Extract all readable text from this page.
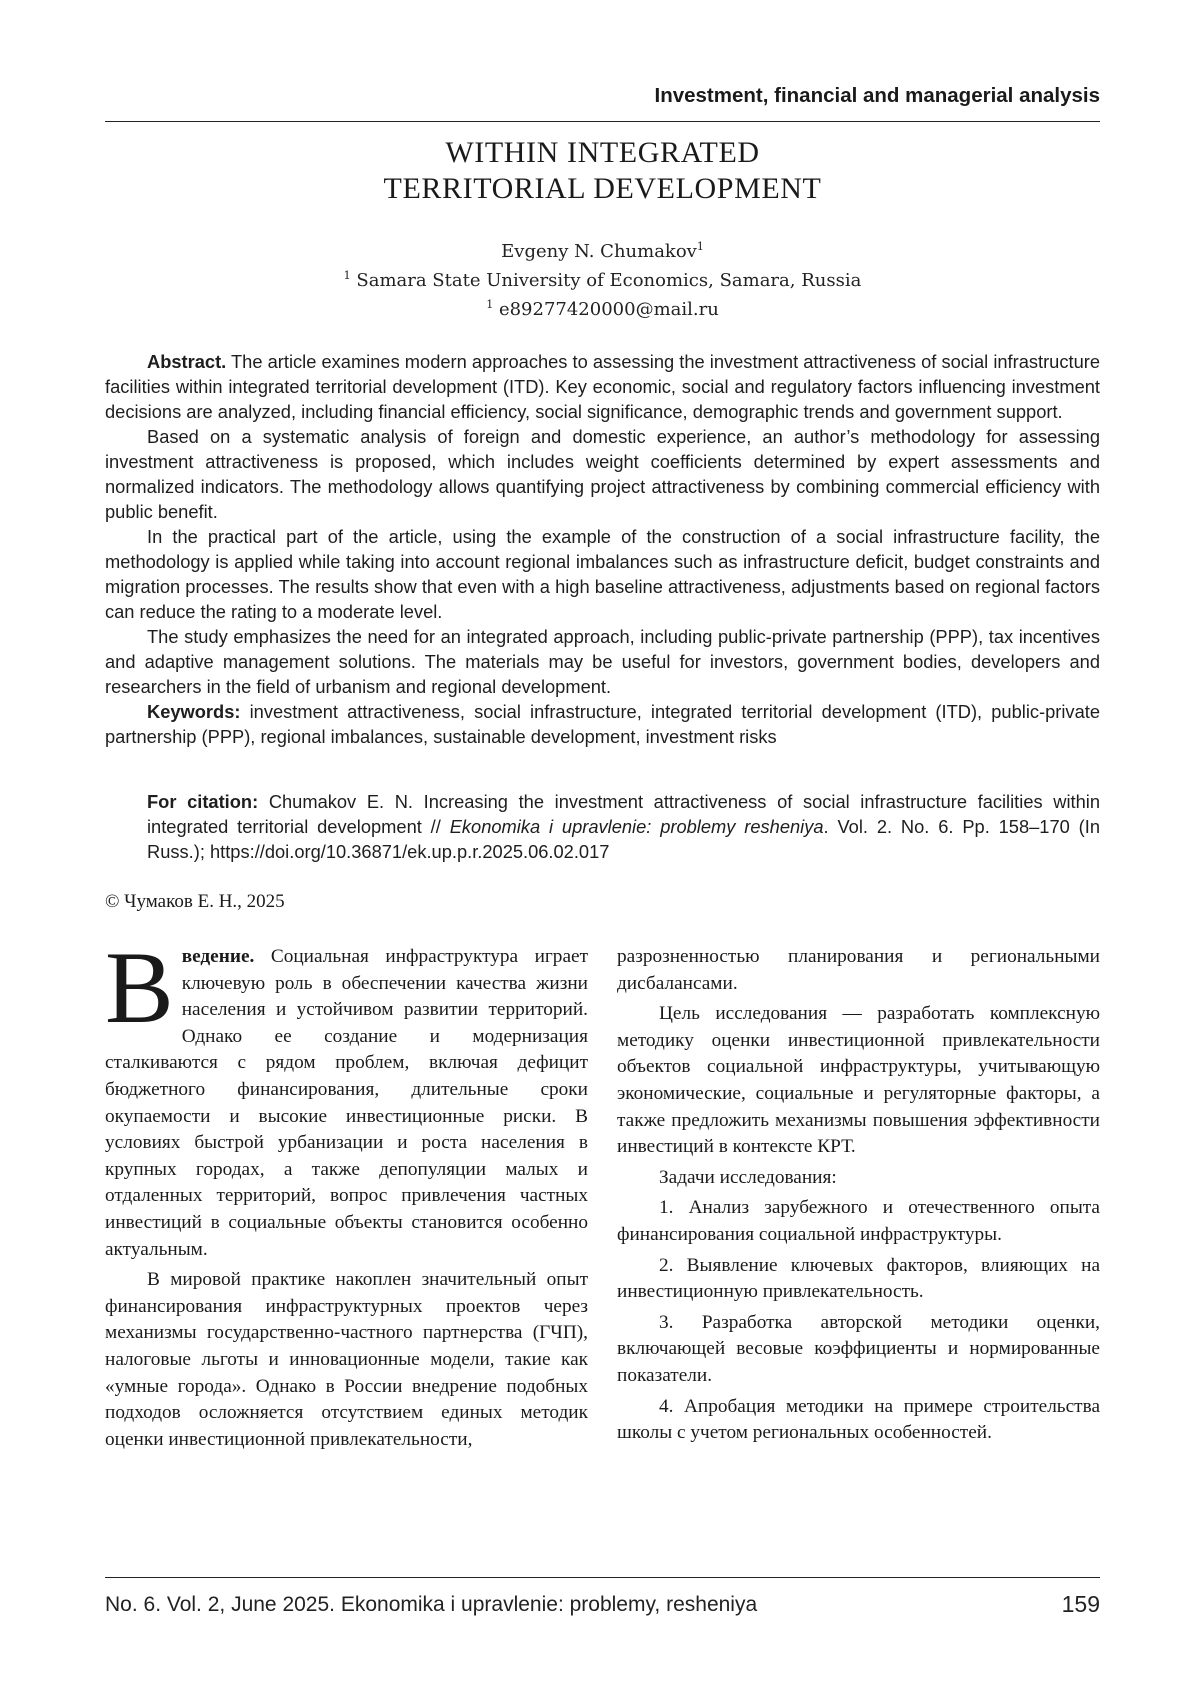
Investment, financial and managerial analysis
WITHIN INTEGRATED
TERRITORIAL DEVELOPMENT
Evgeny N. Chumakov$^1$
$^1$ Samara State University of Economics, Samara, Russia
$^1$ e89277420000@mail.ru

Abstract. The article examines modern approaches to assessing the investment attractiveness of social infrastructure facilities within integrated territorial development (ITD). Key economic, social and regulatory factors influencing investment decisions are analyzed, including financial efficiency, social significance, demographic trends and government support.

Based on a systematic analysis of foreign and domestic experience, an author’s methodology for assessing investment attractiveness is proposed, which includes weight coefficients determined by expert assessments and normalized indicators. The methodology allows quantifying project attractiveness by combining commercial efficiency with public benefit.

In the practical part of the article, using the example of the construction of a social infrastructure facility, the methodology is applied while taking into account regional imbalances such as infrastructure deficit, budget constraints and migration processes. The results show that even with a high baseline attractiveness, adjustments based on regional factors can reduce the rating to a moderate level.

The study emphasizes the need for an integrated approach, including public-private partnership (PPP), tax incentives and adaptive management solutions. The materials may be useful for investors, government bodies, developers and researchers in the field of urbanism and regional development.

Keywords: investment attractiveness, social infrastructure, integrated territorial development (ITD), public-private partnership (PPP), regional imbalances, sustainable development, investment risks

For citation: Chumakov E. N. Increasing the investment attractiveness of social infrastructure facilities within integrated territorial development // Ekonomika i upravlenie: problemy resheniya. Vol. 2. No. 6. Pp. 158–170 (In Russ.); https://doi.org/10.36871/ek.up.p.r.2025.06.02.017
© Чумаков Е. Н., 2025

Введение. Социальная инфраструктура играет ключевую роль в обеспечении качества жизни населения и устойчивом развитии территорий. Однако ее создание и модернизация сталкиваются с рядом проблем, включая дефицит бюджетного финансирования, длительные сроки окупаемости и высокие инвестиционные риски. В условиях быстрой урбанизации и роста населения в крупных городах, а также депопуляции малых и отдаленных территорий, вопрос привлечения частных инвестиций в социальные объекты становится особенно актуальным.

В мировой практике накоплен значительный опыт финансирования инфраструктурных проектов через механизмы государственно-частного партнерства (ГЧП), налоговые льготы и инновационные модели, такие как «умные города». Однако в России внедрение подобных подходов осложняется отсутствием единых методик оценки инвестиционной привлекательности,

разрозненностью планирования и региональными дисбалансами.

Цель исследования — разработать комплексную методику оценки инвестиционной привлекательности объектов социальной инфраструктуры, учитывающую экономические, социальные и регуляторные факторы, а также предложить механизмы повышения эффективности инвестиций в контексте КРТ.

Задачи исследования:

1. Анализ зарубежного и отечественного опыта финансирования социальной инфраструктуры.

2. Выявление ключевых факторов, влияющих на инвестиционную привлекательность.

3. Разработка авторской методики оценки, включающей весовые коэффициенты и нормированные показатели.

4. Апробация методики на примере строительства школы с учетом региональных особенностей.

No. 6. Vol. 2, June 2025. Ekonomika i upravlenie: problemy, resheniya	159
